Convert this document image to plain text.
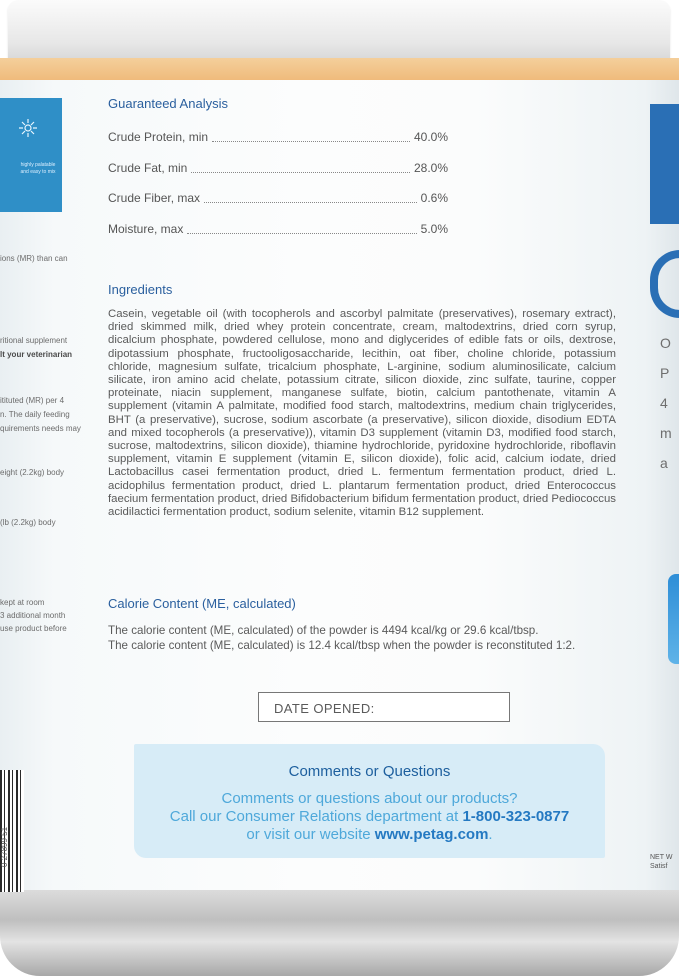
highly palatable and easy to mix
ions (MR) than can
ritional supplement
lt your veterinarian
itituted (MR) per 4
n. The daily feeding
quirements needs may
eight (2.2kg) body
(lb (2.2kg) body
kept at room
3 additional month
use product before
0 27899 51
O
P
4
m
a
NET W
Satisf
Guaranteed Analysis
Crude Protein, min	40.0%
Crude Fat, min	28.0%
Crude Fiber, max	0.6%
Moisture, max	5.0%
Ingredients
Casein, vegetable oil (with tocopherols and ascorbyl palmitate (preservatives), rosemary extract), dried skimmed milk, dried whey protein concentrate, cream, maltodextrins, dried corn syrup, dicalcium phosphate, powdered cellulose, mono and diglycerides of edible fats or oils, dextrose, dipotassium phosphate, fructooligosaccharide, lecithin, oat fiber, choline chloride, potassium chloride, magnesium sulfate, tricalcium phosphate, L-arginine, sodium aluminosilicate, calcium silicate, iron amino acid chelate, potassium citrate, silicon dioxide, zinc sulfate, taurine, copper proteinate, niacin supplement, manganese sulfate, biotin, calcium pantothenate, vitamin A supplement (vitamin A palmitate, modified food starch, maltodextrins, medium chain triglycerides, BHT (a preservative), sucrose, sodium ascorbate (a preservative), silicon dioxide, disodium EDTA and mixed tocopherols (a preservative)), vitamin D3 supplement (vitamin D3, modified food starch, sucrose, maltodextrins, silicon dioxide), thiamine hydrochloride, pyridoxine hydrochloride, riboflavin supplement, vitamin E supplement (vitamin E, silicon dioxide), folic acid, calcium iodate, dried Lactobacillus casei fermentation product, dried L. fermentum fermentation product, dried L. acidophilus fermentation product, dried L. plantarum fermentation product, dried Enterococcus faecium fermentation product, dried Bifidobacterium bifidum fermentation product, dried Pediococcus acidilactici fermentation product, sodium selenite, vitamin B12 supplement.
Calorie Content (ME, calculated)
The calorie content (ME, calculated) of the powder is 4494 kcal/kg or 29.6 kcal/tbsp.
The calorie content (ME, calculated) is 12.4 kcal/tbsp when the powder is reconstituted 1:2.
DATE OPENED:
Comments or Questions
Comments or questions about our products?
Call our Consumer Relations department at 1-800-323-0877
or visit our website www.petag.com.
